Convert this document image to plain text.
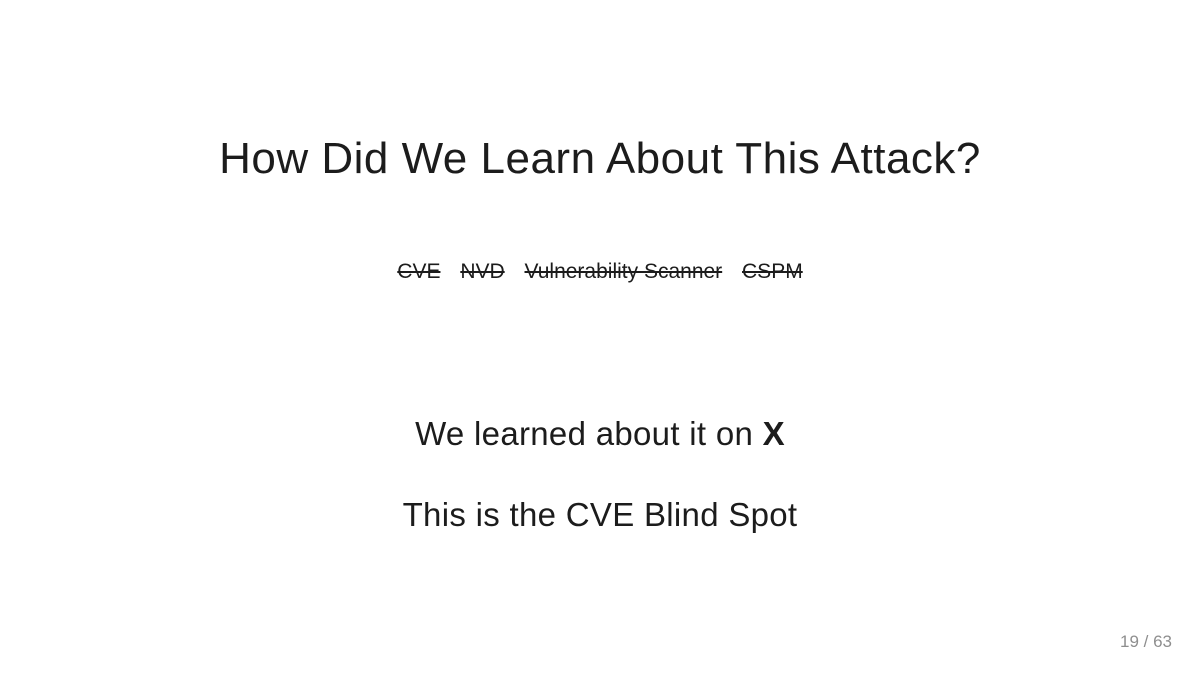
How Did We Learn About This Attack?
CVE NVD Vulnerability Scanner CSPM

We learned about it on X

This is the CVE Blind Spot

19 / 63
